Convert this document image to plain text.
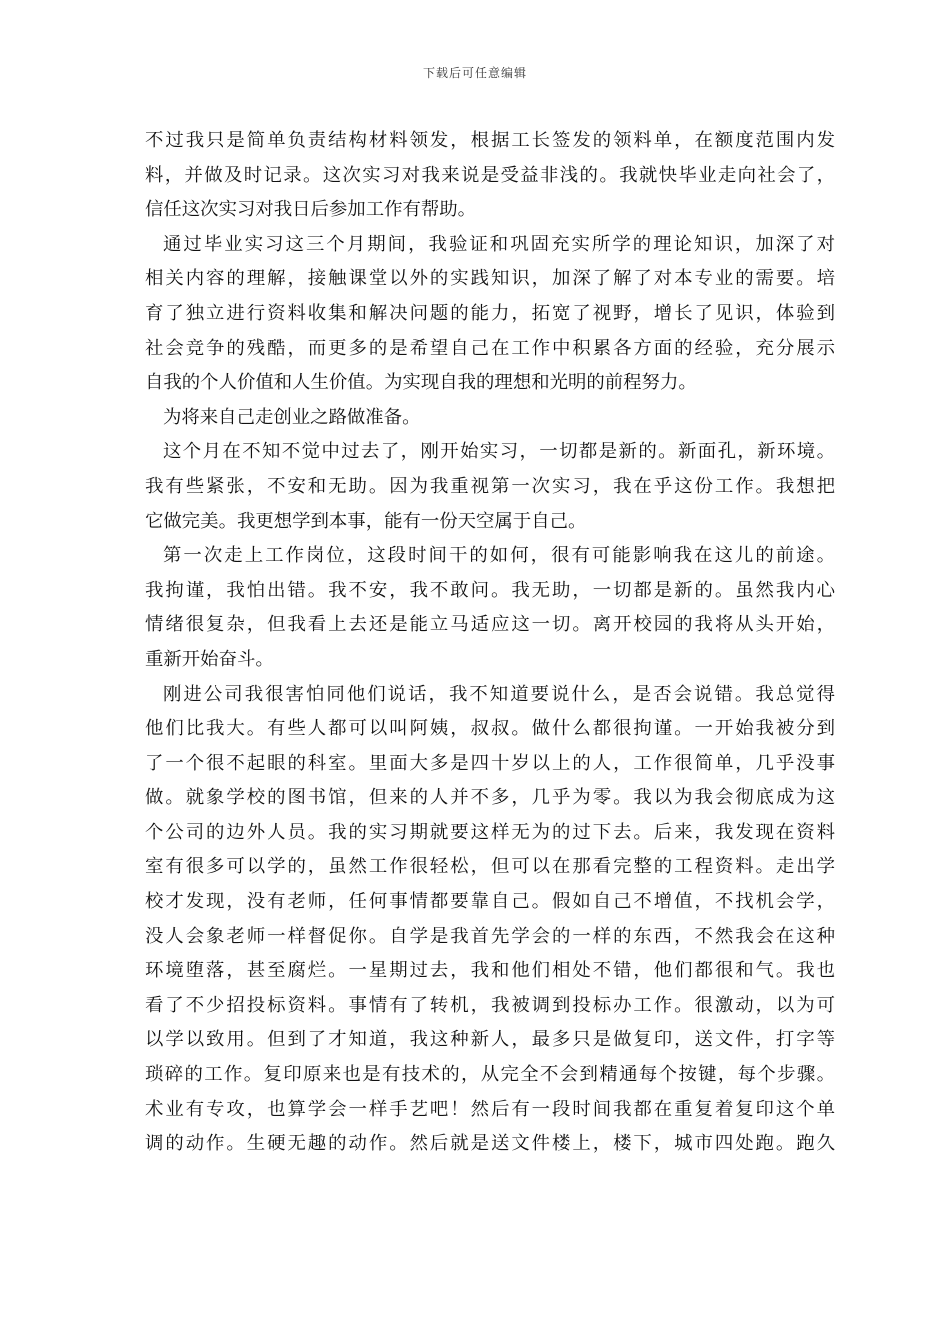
下载后可任意编辑
不过我只是简单负责结构材料领发，根据工长签发的领料单，在额度范围内发
料，并做及时记录。这次实习对我来说是受益非浅的。我就快毕业走向社会了，
信任这次实习对我日后参加工作有帮助。
通过毕业实习这三个月期间，我验证和巩固充实所学的理论知识，加深了对
相关内容的理解，接触课堂以外的实践知识，加深了解了对本专业的需要。培
育了独立进行资料收集和解决问题的能力，拓宽了视野，增长了见识，体验到
社会竞争的残酷，而更多的是希望自己在工作中积累各方面的经验，充分展示
自我的个人价值和人生价值。为实现自我的理想和光明的前程努力。
为将来自己走创业之路做准备。
这个月在不知不觉中过去了，刚开始实习，一切都是新的。新面孔，新环境。
我有些紧张，不安和无助。因为我重视第一次实习，我在乎这份工作。我想把
它做完美。我更想学到本事，能有一份天空属于自己。
第一次走上工作岗位，这段时间干的如何，很有可能影响我在这儿的前途。
我拘谨，我怕出错。我不安，我不敢问。我无助，一切都是新的。虽然我内心
情绪很复杂，但我看上去还是能立马适应这一切。离开校园的我将从头开始，
重新开始奋斗。
刚进公司我很害怕同他们说话，我不知道要说什么，是否会说错。我总觉得
他们比我大。有些人都可以叫阿姨，叔叔。做什么都很拘谨。一开始我被分到
了一个很不起眼的科室。里面大多是四十岁以上的人，工作很简单，几乎没事
做。就象学校的图书馆，但来的人并不多，几乎为零。我以为我会彻底成为这
个公司的边外人员。我的实习期就要这样无为的过下去。后来，我发现在资料
室有很多可以学的，虽然工作很轻松，但可以在那看完整的工程资料。走出学
校才发现，没有老师，任何事情都要靠自己。假如自己不增值，不找机会学，
没人会象老师一样督促你。自学是我首先学会的一样的东西，不然我会在这种
环境堕落，甚至腐烂。一星期过去，我和他们相处不错，他们都很和气。我也
看了不少招投标资料。事情有了转机，我被调到投标办工作。很激动，以为可
以学以致用。但到了才知道，我这种新人，最多只是做复印，送文件，打字等
琐碎的工作。复印原来也是有技术的，从完全不会到精通每个按键，每个步骤。
术业有专攻，也算学会一样手艺吧！然后有一段时间我都在重复着复印这个单
调的动作。生硬无趣的动作。然后就是送文件楼上，楼下，城市四处跑。跑久
